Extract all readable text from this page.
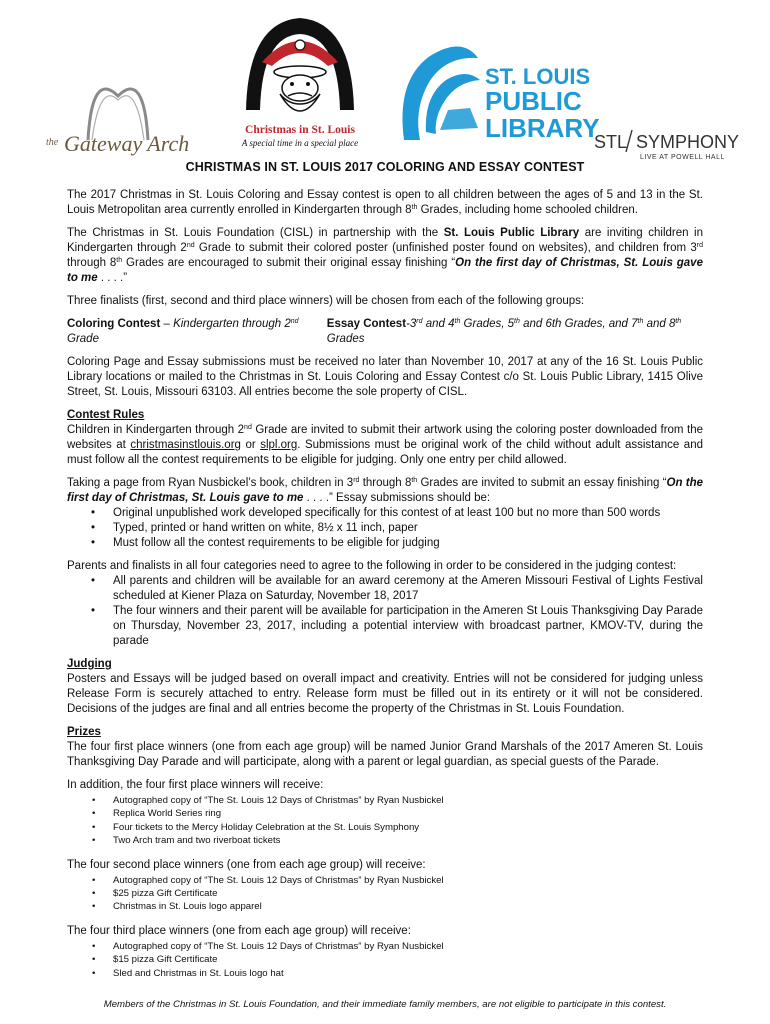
the Gateway Arch
Christmas in St. Louis
A special time in a special place
ST. LOUIS
PUBLIC
LIBRARY
STL SYMPHONY
LIVE AT POWELL HALL
CHRISTMAS IN ST. LOUIS 2017 COLORING AND ESSAY CONTEST

The 2017 Christmas in St. Louis Coloring and Essay contest is open to all children between the ages of 5 and 13 in the St. Louis Metropolitan area currently enrolled in Kindergarten through 8th Grades, including home schooled children.

The Christmas in St. Louis Foundation (CISL) in partnership with the St. Louis Public Library are inviting children in Kindergarten through 2nd Grade to submit their colored poster (unfinished poster found on websites), and children from 3rd through 8th Grades are encouraged to submit their original essay finishing “On the first day of Christmas, St. Louis gave to me . . . .”

Three finalists (first, second and third place winners) will be chosen from each of the following groups:

Coloring Contest – Kindergarten through 2nd Grade
Essay Contest-3rd and 4th Grades, 5th and 6th Grades, and 7th and 8th Grades

Coloring Page and Essay submissions must be received no later than November 10, 2017 at any of the 16 St. Louis Public Library locations or mailed to the Christmas in St. Louis Coloring and Essay Contest c/o St. Louis Public Library, 1415 Olive Street, St. Louis, Missouri 63103. All entries become the sole property of CISL.

Contest Rules
Children in Kindergarten through 2nd Grade are invited to submit their artwork using the coloring poster downloaded from the websites at christmasinstlouis.org or slpl.org. Submissions must be original work of the child without adult assistance and must follow all the contest requirements to be eligible for judging. Only one entry per child allowed.

Taking a page from Ryan Nusbickel’s book, children in 3rd through 8th Grades are invited to submit an essay finishing “On the first day of Christmas, St. Louis gave to me . . . .” Essay submissions should be:

• Original unpublished work developed specifically for this contest of at least 100 but no more than 500 words
• Typed, printed or hand written on white, 8½ x 11 inch, paper
• Must follow all the contest requirements to be eligible for judging

Parents and finalists in all four categories need to agree to the following in order to be considered in the judging contest:

• All parents and children will be available for an award ceremony at the Ameren Missouri Festival of Lights Festival scheduled at Kiener Plaza on Saturday, November 18, 2017
• The four winners and their parent will be available for participation in the Ameren St Louis Thanksgiving Day Parade on Thursday, November 23, 2017, including a potential interview with broadcast partner, KMOV-TV, during the parade

Judging
Posters and Essays will be judged based on overall impact and creativity. Entries will not be considered for judging unless Release Form is securely attached to entry. Release form must be filled out in its entirety or it will not be considered. Decisions of the judges are final and all entries become the property of the Christmas in St. Louis Foundation.

Prizes
The four first place winners (one from each age group) will be named Junior Grand Marshals of the 2017 Ameren St. Louis Thanksgiving Day Parade and will participate, along with a parent or legal guardian, as special guests of the Parade.

In addition, the four first place winners will receive:

• Autographed copy of “The St. Louis 12 Days of Christmas” by Ryan Nusbickel
• Replica World Series ring
• Four tickets to the Mercy Holiday Celebration at the St. Louis Symphony
• Two Arch tram and two riverboat tickets

The four second place winners (one from each age group) will receive:

• Autographed copy of “The St. Louis 12 Days of Christmas” by Ryan Nusbickel
• $25 pizza Gift Certificate
• Christmas in St. Louis logo apparel

The four third place winners (one from each age group) will receive:

• Autographed copy of “The St. Louis 12 Days of Christmas” by Ryan Nusbickel
• $15 pizza Gift Certificate
• Sled and Christmas in St. Louis logo hat
Members of the Christmas in St. Louis Foundation, and their immediate family members, are not eligible to participate in this contest.
